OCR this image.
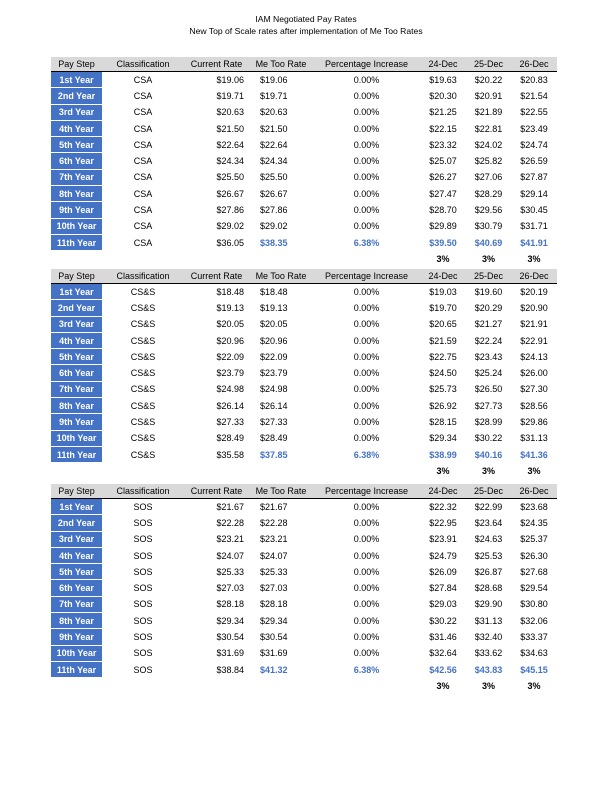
IAM Negotiated Pay Rates
New Top of Scale rates after implementation of Me Too Rates
Pay Step	Classification	Current Rate	Me Too Rate	Percentage Increase	24-Dec	25-Dec	26-Dec
1st Year	CSA	$19.06	$19.06	0.00%	$19.63	$20.22	$20.83
2nd Year	CSA	$19.71	$19.71	0.00%	$20.30	$20.91	$21.54
3rd Year	CSA	$20.63	$20.63	0.00%	$21.25	$21.89	$22.55
4th Year	CSA	$21.50	$21.50	0.00%	$22.15	$22.81	$23.49
5th Year	CSA	$22.64	$22.64	0.00%	$23.32	$24.02	$24.74
6th Year	CSA	$24.34	$24.34	0.00%	$25.07	$25.82	$26.59
7th Year	CSA	$25.50	$25.50	0.00%	$26.27	$27.06	$27.87
8th Year	CSA	$26.67	$26.67	0.00%	$27.47	$28.29	$29.14
9th Year	CSA	$27.86	$27.86	0.00%	$28.70	$29.56	$30.45
10th Year	CSA	$29.02	$29.02	0.00%	$29.89	$30.79	$31.71
11th Year	CSA	$36.05	$38.35	6.38%	$39.50	$40.69	$41.91
					3%	3%	3%
Pay Step	Classification	Current Rate	Me Too Rate	Percentage Increase	24-Dec	25-Dec	26-Dec
1st Year	CS&S	$18.48	$18.48	0.00%	$19.03	$19.60	$20.19
2nd Year	CS&S	$19.13	$19.13	0.00%	$19.70	$20.29	$20.90
3rd Year	CS&S	$20.05	$20.05	0.00%	$20.65	$21.27	$21.91
4th Year	CS&S	$20.96	$20.96	0.00%	$21.59	$22.24	$22.91
5th Year	CS&S	$22.09	$22.09	0.00%	$22.75	$23.43	$24.13
6th Year	CS&S	$23.79	$23.79	0.00%	$24.50	$25.24	$26.00
7th Year	CS&S	$24.98	$24.98	0.00%	$25.73	$26.50	$27.30
8th Year	CS&S	$26.14	$26.14	0.00%	$26.92	$27.73	$28.56
9th Year	CS&S	$27.33	$27.33	0.00%	$28.15	$28.99	$29.86
10th Year	CS&S	$28.49	$28.49	0.00%	$29.34	$30.22	$31.13
11th Year	CS&S	$35.58	$37.85	6.38%	$38.99	$40.16	$41.36
					3%	3%	3%
Pay Step	Classification	Current Rate	Me Too Rate	Percentage Increase	24-Dec	25-Dec	26-Dec
1st Year	SOS	$21.67	$21.67	0.00%	$22.32	$22.99	$23.68
2nd Year	SOS	$22.28	$22.28	0.00%	$22.95	$23.64	$24.35
3rd Year	SOS	$23.21	$23.21	0.00%	$23.91	$24.63	$25.37
4th Year	SOS	$24.07	$24.07	0.00%	$24.79	$25.53	$26.30
5th Year	SOS	$25.33	$25.33	0.00%	$26.09	$26.87	$27.68
6th Year	SOS	$27.03	$27.03	0.00%	$27.84	$28.68	$29.54
7th Year	SOS	$28.18	$28.18	0.00%	$29.03	$29.90	$30.80
8th Year	SOS	$29.34	$29.34	0.00%	$30.22	$31.13	$32.06
9th Year	SOS	$30.54	$30.54	0.00%	$31.46	$32.40	$33.37
10th Year	SOS	$31.69	$31.69	0.00%	$32.64	$33.62	$34.63
11th Year	SOS	$38.84	$41.32	6.38%	$42.56	$43.83	$45.15
					3%	3%	3%
